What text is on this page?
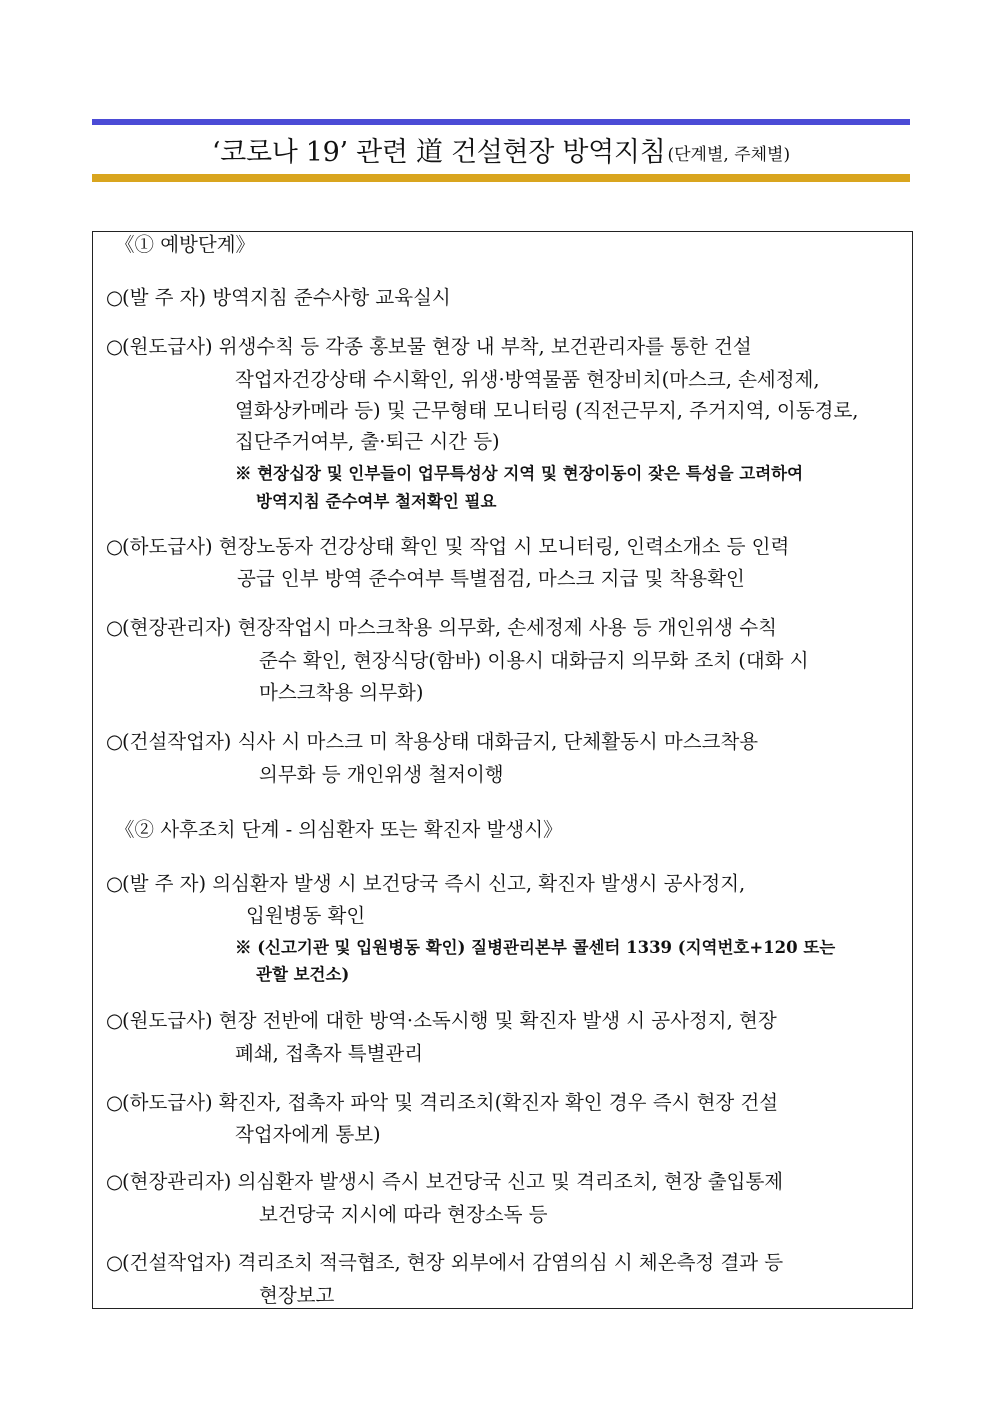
‘코로나 19’ 관련 道 건설현장 방역지침 (단계별, 주체별)
《① 예방단계》
○(발 주 자) 방역지침 준수사항 교육실시
○(원도급사) 위생수칙 등 각종 홍보물 현장 내 부착, 보건관리자를 통한 건설
작업자건강상태 수시확인, 위생·방역물품 현장비치(마스크, 손세정제,
열화상카메라 등) 및 근무형태 모니터링 (직전근무지, 주거지역, 이동경로,
집단주거여부, 출·퇴근 시간 등)
※ 현장십장 및 인부들이 업무특성상 지역 및 현장이동이 잦은 특성을 고려하여
방역지침 준수여부 철저확인 필요
○(하도급사) 현장노동자 건강상태 확인 및 작업 시 모니터링, 인력소개소 등 인력
공급 인부 방역 준수여부 특별점검, 마스크 지급 및 착용확인
○(현장관리자) 현장작업시 마스크착용 의무화, 손세정제 사용 등 개인위생 수칙
준수 확인, 현장식당(함바) 이용시 대화금지 의무화 조치 (대화 시
마스크착용 의무화)
○(건설작업자) 식사 시 마스크 미 착용상태 대화금지, 단체활동시 마스크착용
의무화 등 개인위생 철저이행
《② 사후조치 단계 - 의심환자 또는 확진자 발생시》
○(발 주 자) 의심환자 발생 시 보건당국 즉시 신고, 확진자 발생시 공사정지,
입원병동 확인
※ (신고기관 및 입원병동 확인) 질병관리본부 콜센터 1339 (지역번호+120 또는
관할 보건소)
○(원도급사) 현장 전반에 대한 방역·소독시행 및 확진자 발생 시 공사정지, 현장
폐쇄, 접촉자 특별관리
○(하도급사) 확진자, 접촉자 파악 및 격리조치(확진자 확인 경우 즉시 현장 건설
작업자에게 통보)
○(현장관리자) 의심환자 발생시 즉시 보건당국 신고 및 격리조치, 현장 출입통제
보건당국 지시에 따라 현장소독 등
○(건설작업자) 격리조치 적극협조, 현장 외부에서 감염의심 시 체온측정 결과 등
현장보고
